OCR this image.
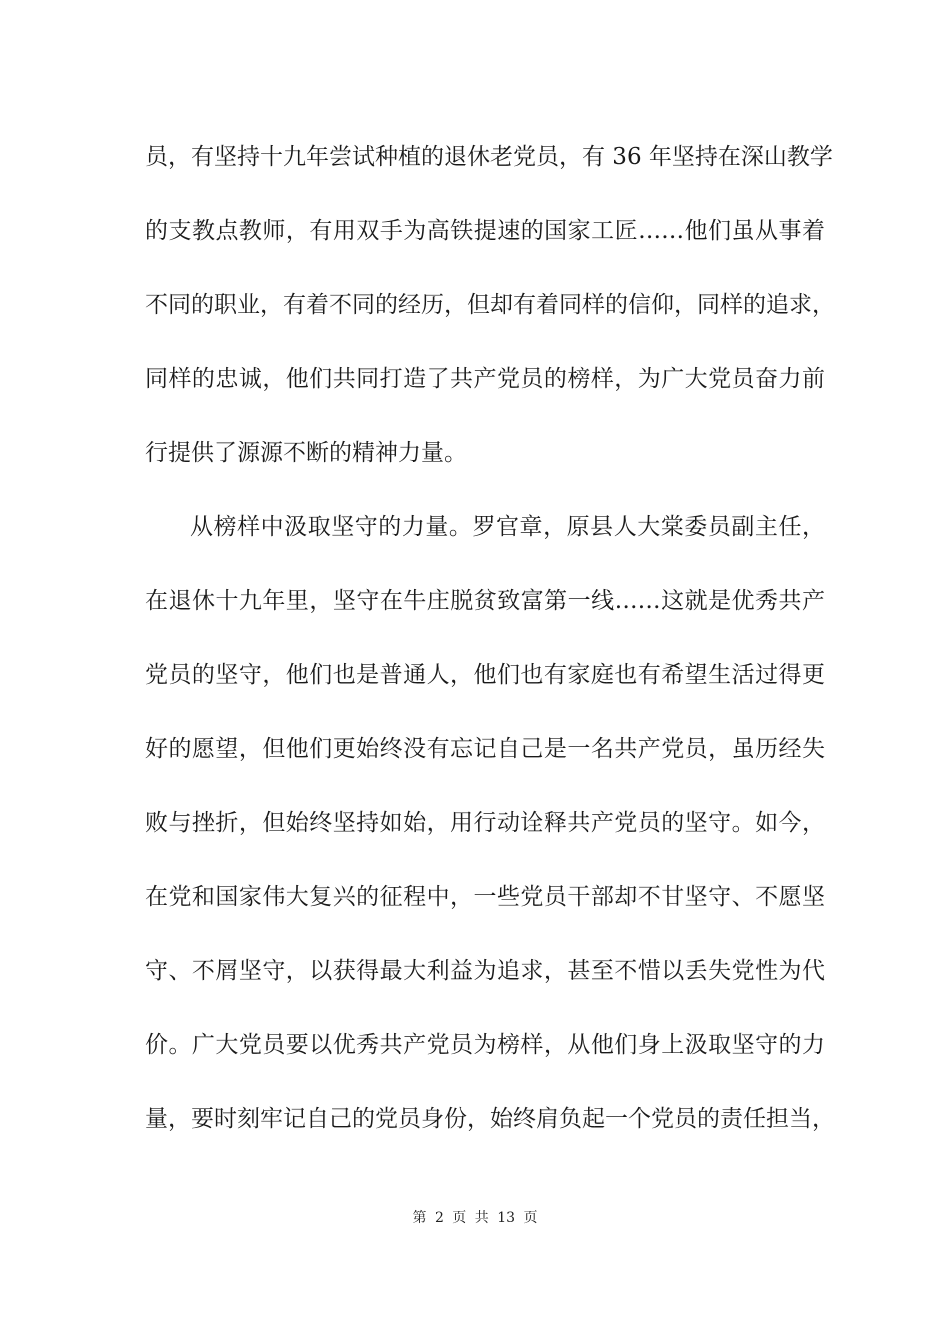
员，有坚持十九年尝试种植的退休老党员，有 36 年坚持在深山教学
的支教点教师，有用双手为高铁提速的国家工匠……他们虽从事着
不同的职业，有着不同的经历，但却有着同样的信仰，同样的追求，
同样的忠诚，他们共同打造了共产党员的榜样，为广大党员奋力前
行提供了源源不断的精神力量。
从榜样中汲取坚守的力量。罗官章，原县人大棠委员副主任，
在退休十九年里，坚守在牛庄脱贫致富第一线……这就是优秀共产
党员的坚守，他们也是普通人，他们也有家庭也有希望生活过得更
好的愿望，但他们更始终没有忘记自己是一名共产党员，虽历经失
败与挫折，但始终坚持如始，用行动诠释共产党员的坚守。如今，
在党和国家伟大复兴的征程中，一些党员干部却不甘坚守、不愿坚
守、不屑坚守，以获得最大利益为追求，甚至不惜以丢失党性为代
价。广大党员要以优秀共产党员为榜样，从他们身上汲取坚守的力
量，要时刻牢记自己的党员身份，始终肩负起一个党员的责任担当，
第 2 页 共 13 页
